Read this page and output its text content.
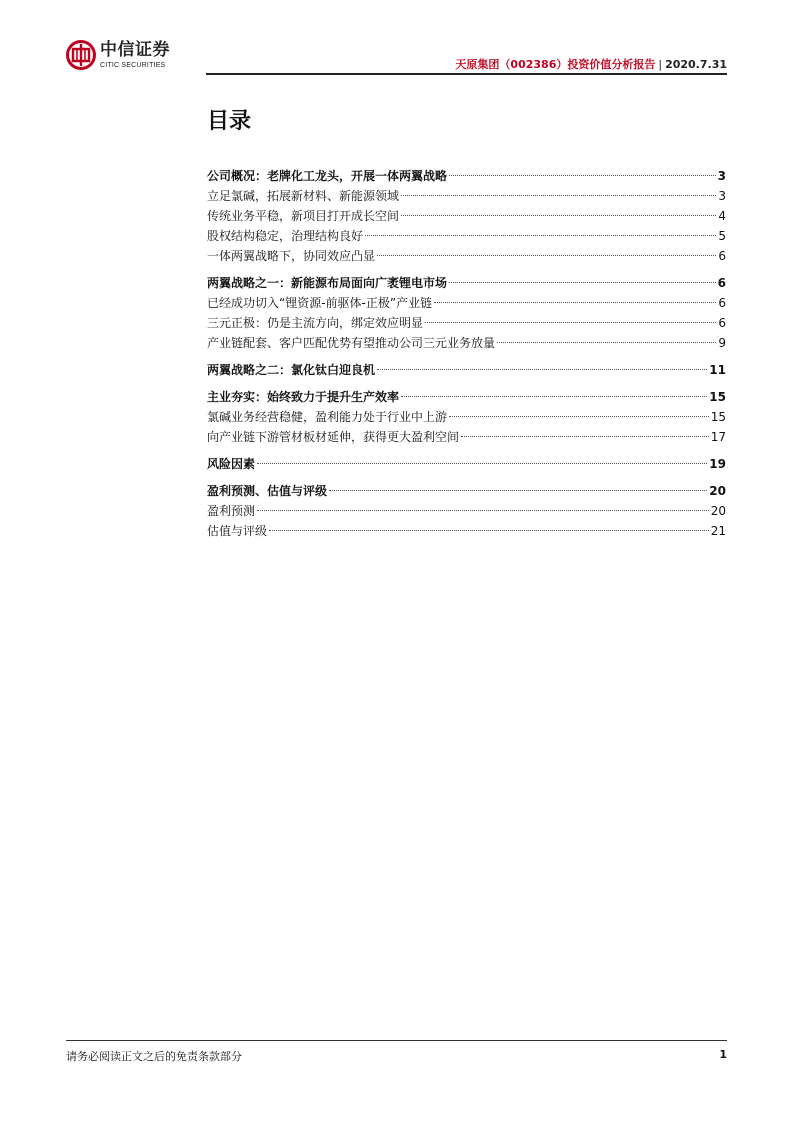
中信证券
CITIC SECURITIES	天原集团（002386）投资价值分析报告 | 2020.7.31
目录
公司概况：老牌化工龙头，开展一体两翼战略	3
立足氯碱，拓展新材料、新能源领域	3
传统业务平稳，新项目打开成长空间	4
股权结构稳定，治理结构良好	5
一体两翼战略下，协同效应凸显	6
两翼战略之一：新能源布局面向广袤锂电市场	6
已经成功切入“锂资源-前驱体-正极”产业链	6
三元正极：仍是主流方向，绑定效应明显	6
产业链配套、客户匹配优势有望推动公司三元业务放量	9
两翼战略之二：氯化钛白迎良机	11
主业夯实：始终致力于提升生产效率	15
氯碱业务经营稳健，盈利能力处于行业中上游	15
向产业链下游管材板材延伸，获得更大盈利空间	17
风险因素	19
盈利预测、估值与评级	20
盈利预测	20
估值与评级	21
请务必阅读正文之后的免责条款部分	1
